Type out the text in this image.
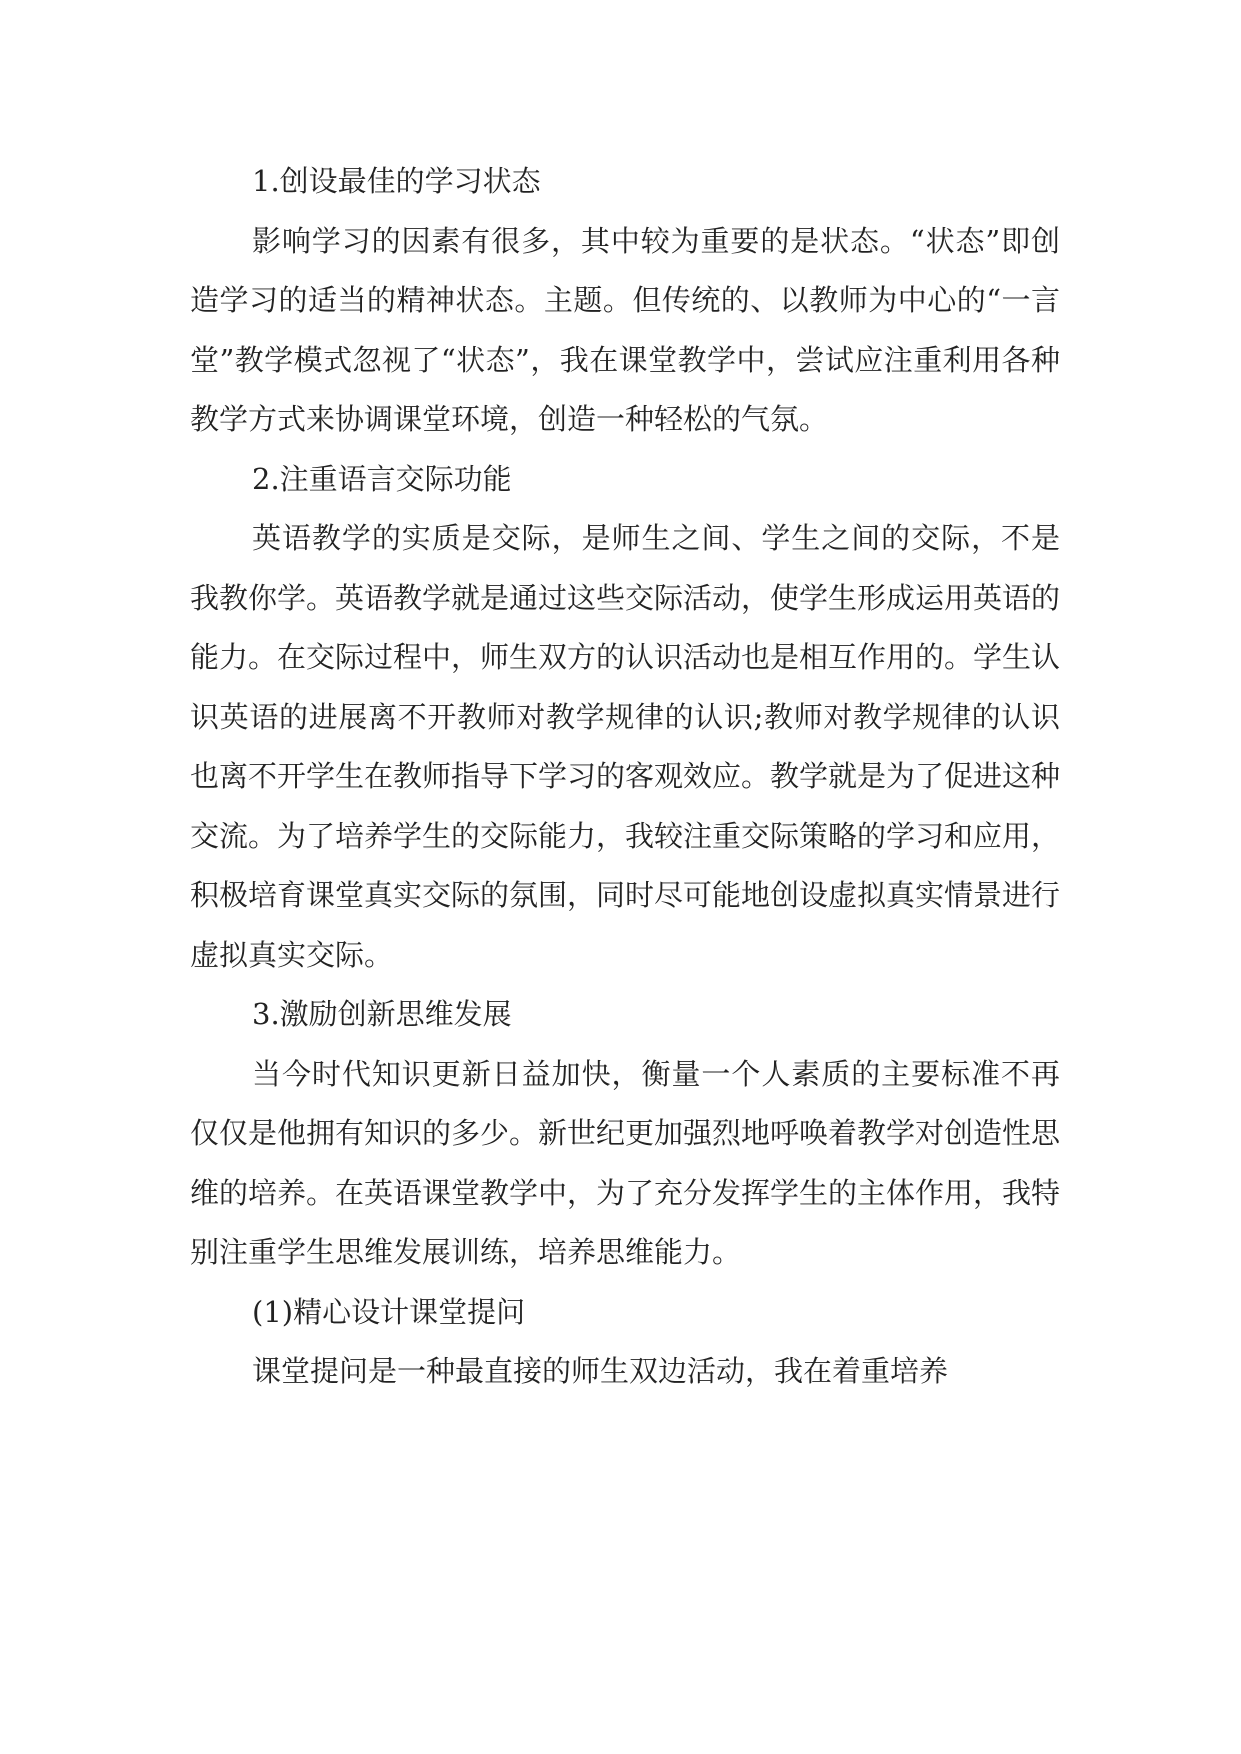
1.创设最佳的学习状态

影响学习的因素有很多，其中较为重要的是状态。“状态”即创造学习的适当的精神状态。主题。但传统的、以教师为中心的“一言堂”教学模式忽视了“状态”，我在课堂教学中，尝试应注重利用各种教学方式来协调课堂环境，创造一种轻松的气氛。

2.注重语言交际功能

英语教学的实质是交际，是师生之间、学生之间的交际，不是我教你学。英语教学就是通过这些交际活动，使学生形成运用英语的能力。在交际过程中，师生双方的认识活动也是相互作用的。学生认识英语的进展离不开教师对教学规律的认识;教师对教学规律的认识也离不开学生在教师指导下学习的客观效应。教学就是为了促进这种交流。为了培养学生的交际能力，我较注重交际策略的学习和应用，积极培育课堂真实交际的氛围，同时尽可能地创设虚拟真实情景进行虚拟真实交际。

3.激励创新思维发展

当今时代知识更新日益加快，衡量一个人素质的主要标准不再仅仅是他拥有知识的多少。新世纪更加强烈地呼唤着教学对创造性思维的培养。在英语课堂教学中，为了充分发挥学生的主体作用，我特别注重学生思维发展训练，培养思维能力。

(1)精心设计课堂提问

课堂提问是一种最直接的师生双边活动，我在着重培养
